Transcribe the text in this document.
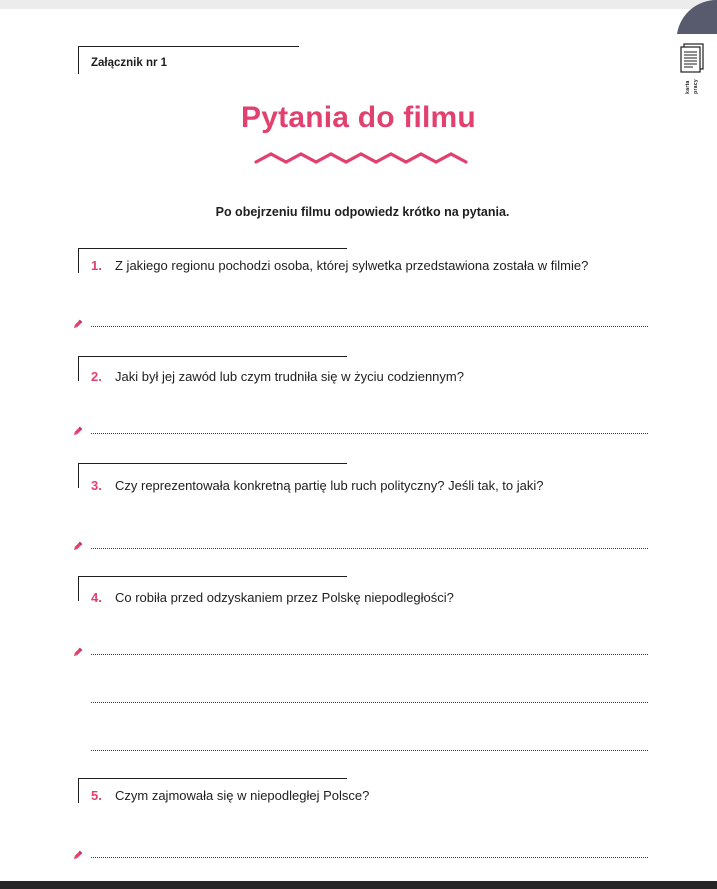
karta pracy
Załącznik nr 1
Pytania do filmu
Po obejrzeniu filmu odpowiedz krótko na pytania.
1. Z jakiego regionu pochodzi osoba, której sylwetka przedstawiona została w filmie?
2. Jaki był jej zawód lub czym trudniła się w życiu codziennym?
3. Czy reprezentowała konkretną partię lub ruch polityczny? Jeśli tak, to jaki?
4. Co robiła przed odzyskaniem przez Polskę niepodległości?
5. Czym zajmowała się w niepodległej Polsce?
